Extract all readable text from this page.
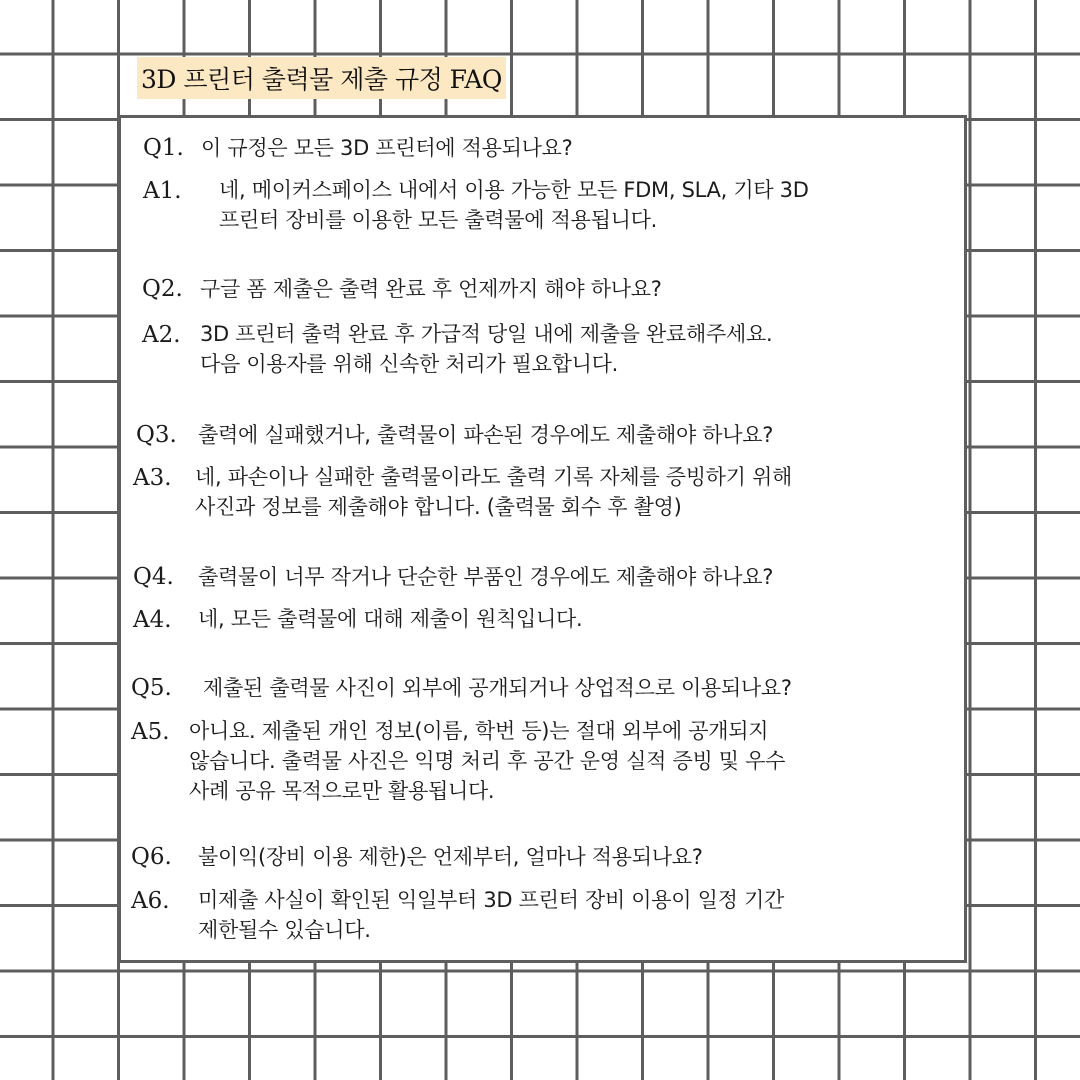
3D 프린터 출력물 제출 규정 FAQ
Q1. 이 규정은 모든 3D 프린터에 적용되나요?
A1.	네, 메이커스페이스 내에서 이용 가능한 모든 FDM, SLA, 기타 3D
프린터 장비를 이용한 모든 출력물에 적용됩니다.
Q2. 구글 폼 제출은 출력 완료 후 언제까지 해야 하나요?
A2. 3D 프린터 출력 완료 후 가급적 당일 내에 제출을 완료해주세요.
다음 이용자를 위해 신속한 처리가 필요합니다.
Q3.	출력에 실패했거나, 출력물이 파손된 경우에도 제출해야 하나요?
A3.	네, 파손이나 실패한 출력물이라도 출력 기록 자체를 증빙하기 위해
사진과 정보를 제출해야 합니다. (출력물 회수 후 촬영)
Q4.	출력물이 너무 작거나 단순한 부품인 경우에도 제출해야 하나요?
A4.	네, 모든 출력물에 대해 제출이 원칙입니다.
Q5.	제출된 출력물 사진이 외부에 공개되거나 상업적으로 이용되나요?
A5. 아니요. 제출된 개인 정보(이름, 학번 등)는 절대 외부에 공개되지
않습니다. 출력물 사진은 익명 처리 후 공간 운영 실적 증빙 및 우수
사례 공유 목적으로만 활용됩니다.
Q6.	불이익(장비 이용 제한)은 언제부터, 얼마나 적용되나요?
A6.	미제출 사실이 확인된 익일부터 3D 프린터 장비 이용이 일정 기간
제한될수 있습니다.
